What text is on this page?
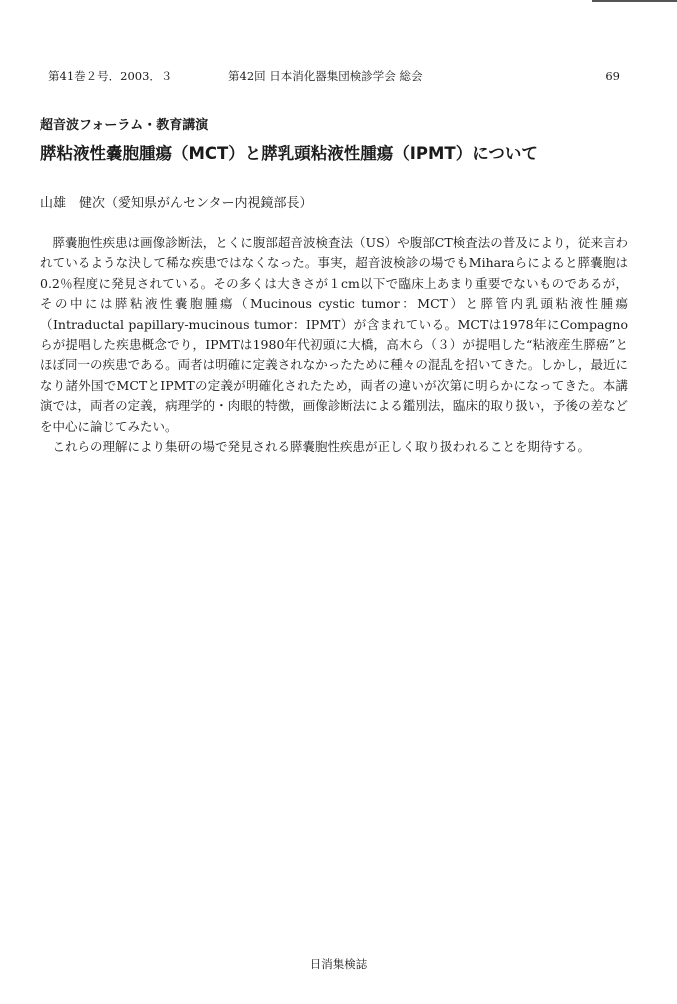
第41巻２号．2003．３	第42回 日本消化器集団検診学会 総会	69
超音波フォーラム・教育講演
膵粘液性嚢胞腫瘍（MCT）と膵乳頭粘液性腫瘍（IPMT）について
山雄　健次（愛知県がんセンター内視鏡部長）

膵嚢胞性疾患は画像診断法，とくに腹部超音波検査法（US）や腹部CT検査法の普及により，従来言われているような決して稀な疾患ではなくなった。事実，超音波検診の場でもMiharaらによると膵嚢胞は0.2％程度に発見されている。その多くは大きさが１cm以下で臨床上あまり重要でないものであるが，その中には膵粘液性嚢胞腫瘍（Mucinous cystic tumor：MCT）と膵管内乳頭粘液性腫瘍（Intraductal papillary-mucinous tumor：IPMT）が含まれている。MCTは1978年にCompagnoらが提唱した疾患概念でり，IPMTは1980年代初頭に大橋，高木ら（３）が提唱した“粘液産生膵癌”とほぼ同一の疾患である。両者は明確に定義されなかったために種々の混乱を招いてきた。しかし，最近になり諸外国でMCTとIPMTの定義が明確化されたため，両者の違いが次第に明らかになってきた。本講演では，両者の定義，病理学的・肉眼的特徴，画像診断法による鑑別法，臨床的取り扱い，予後の差などを中心に論じてみたい。

これらの理解により集研の場で発見される膵嚢胞性疾患が正しく取り扱われることを期待する。

日消集検誌
